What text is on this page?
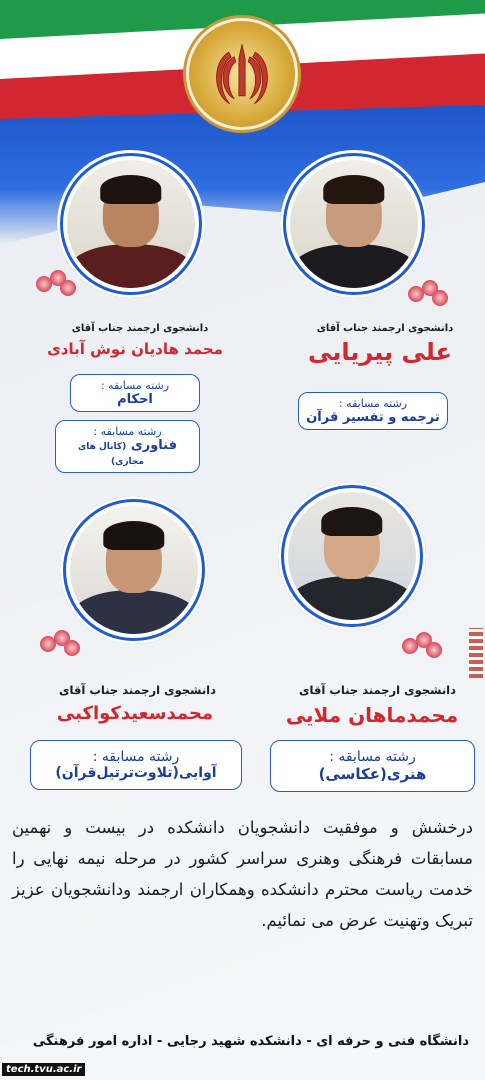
دانشجوی ارجمند جناب آقای
علی پیریایی
رشته مسابقه :
ترجمه و تفسیر قرآن
دانشجوی ارجمند جناب آقای
محمد هادیان نوش آبادی
رشته مسابقه :
احکام
رشته مسابقه :
فناوری (کانال های مجازی)
دانشجوی ارجمند جناب آقای
محمدماهان ملایی
رشته مسابقه :
هنری(عکاسی)
دانشجوی ارجمند جناب آقای
محمدسعیدکواکبی
رشته مسابقه :
آوایی(تلاوت‌ترتیل‌قرآن)
درخشش و موفقیت دانشجویان دانشکده در بیست و نهمین مسابقات فرهنگی وهنری سراسر کشور در مرحله نیمه نهایی را خدمت ریاست محترم دانشکده وهمکاران ارجمند ودانشجویان عزیز تبریک وتهنیت عرض می نمائیم.
دانشگاه فنی و حرفه ای - دانشکده شهید رجایی - اداره امور فرهنگی
tech.tvu.ac.ir
